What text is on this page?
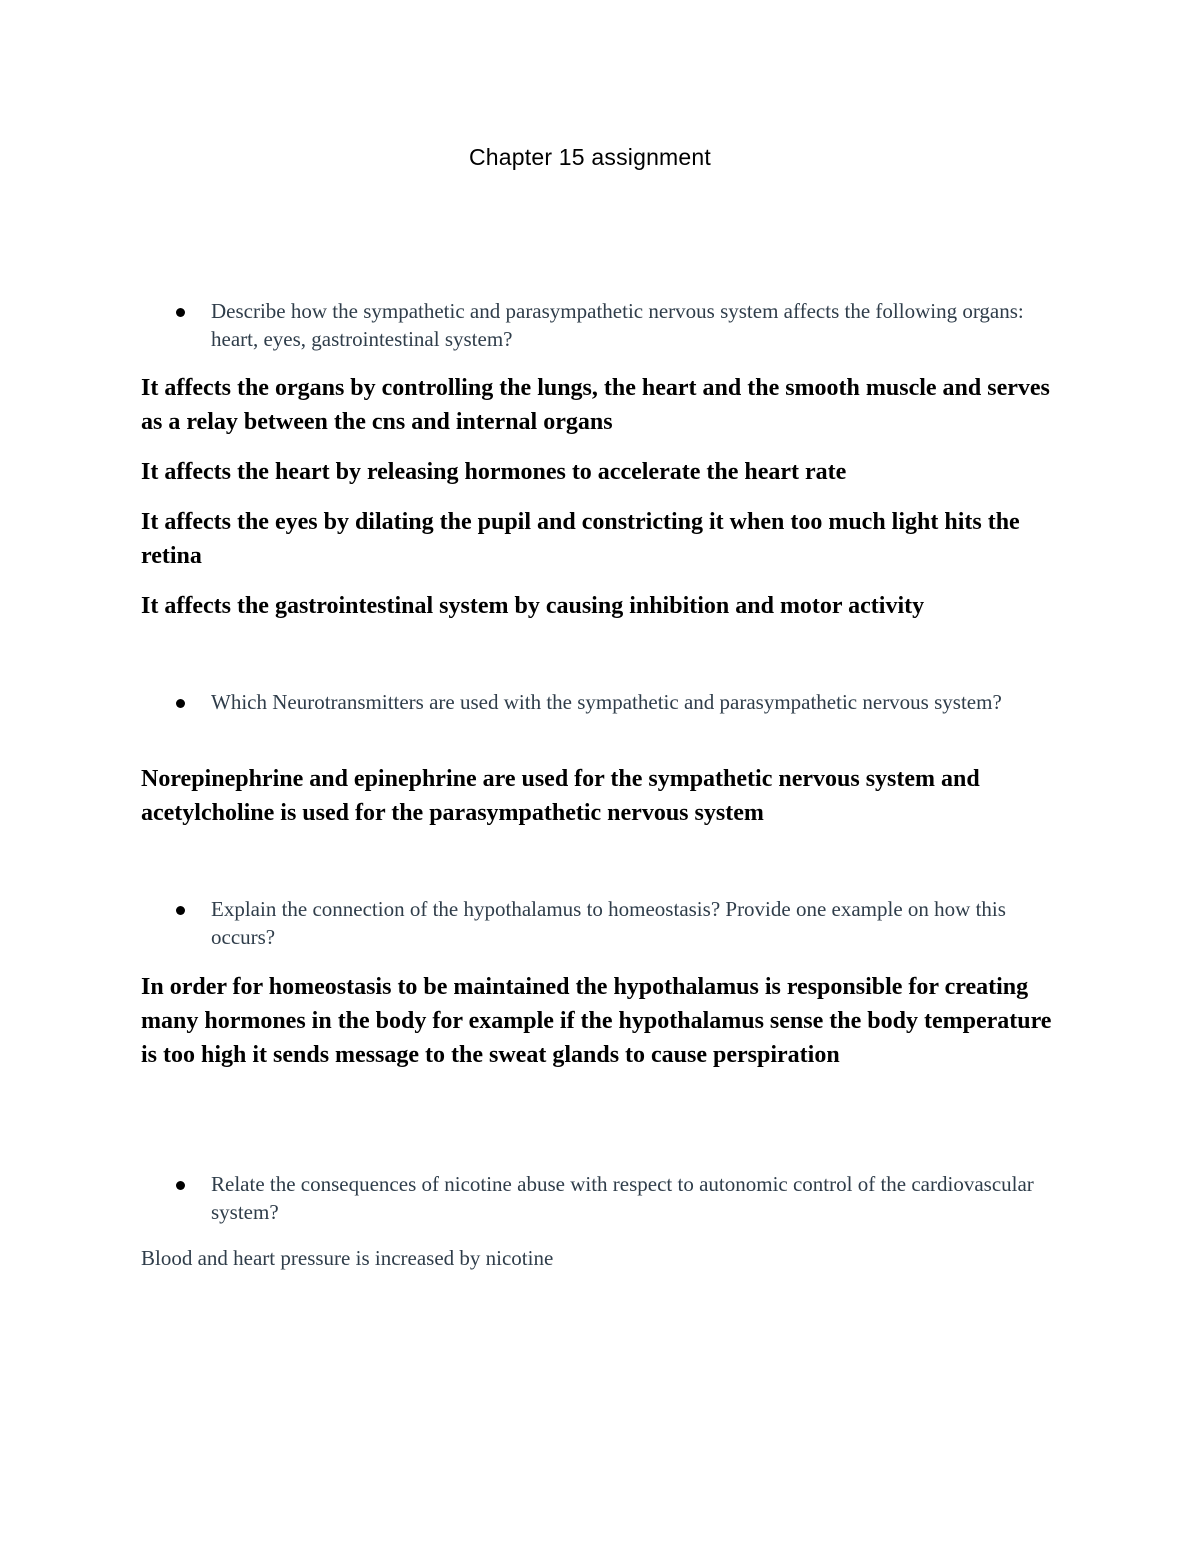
Chapter 15 assignment
Describe how the sympathetic and parasympathetic nervous system affects the following organs: heart, eyes, gastrointestinal system?
It affects the organs by controlling the lungs, the heart and the smooth muscle and serves as a relay between the cns and internal organs
It affects the heart by releasing hormones to accelerate the heart rate
It affects the eyes by dilating the pupil and constricting it when too much light hits the retina
It affects the gastrointestinal system by causing inhibition and motor activity
Which Neurotransmitters are used with the sympathetic and parasympathetic nervous system?
Norepinephrine and epinephrine are used for the sympathetic nervous system and acetylcholine is used for the parasympathetic nervous system
Explain the connection of the hypothalamus to homeostasis? Provide one example on how this occurs?
In order for homeostasis to be maintained the hypothalamus is responsible for creating many hormones in the body for example if the hypothalamus sense the body temperature is too high it sends message to the sweat glands to cause perspiration
Relate the consequences of nicotine abuse with respect to autonomic control of the cardiovascular system?
Blood and heart pressure is increased by nicotine
